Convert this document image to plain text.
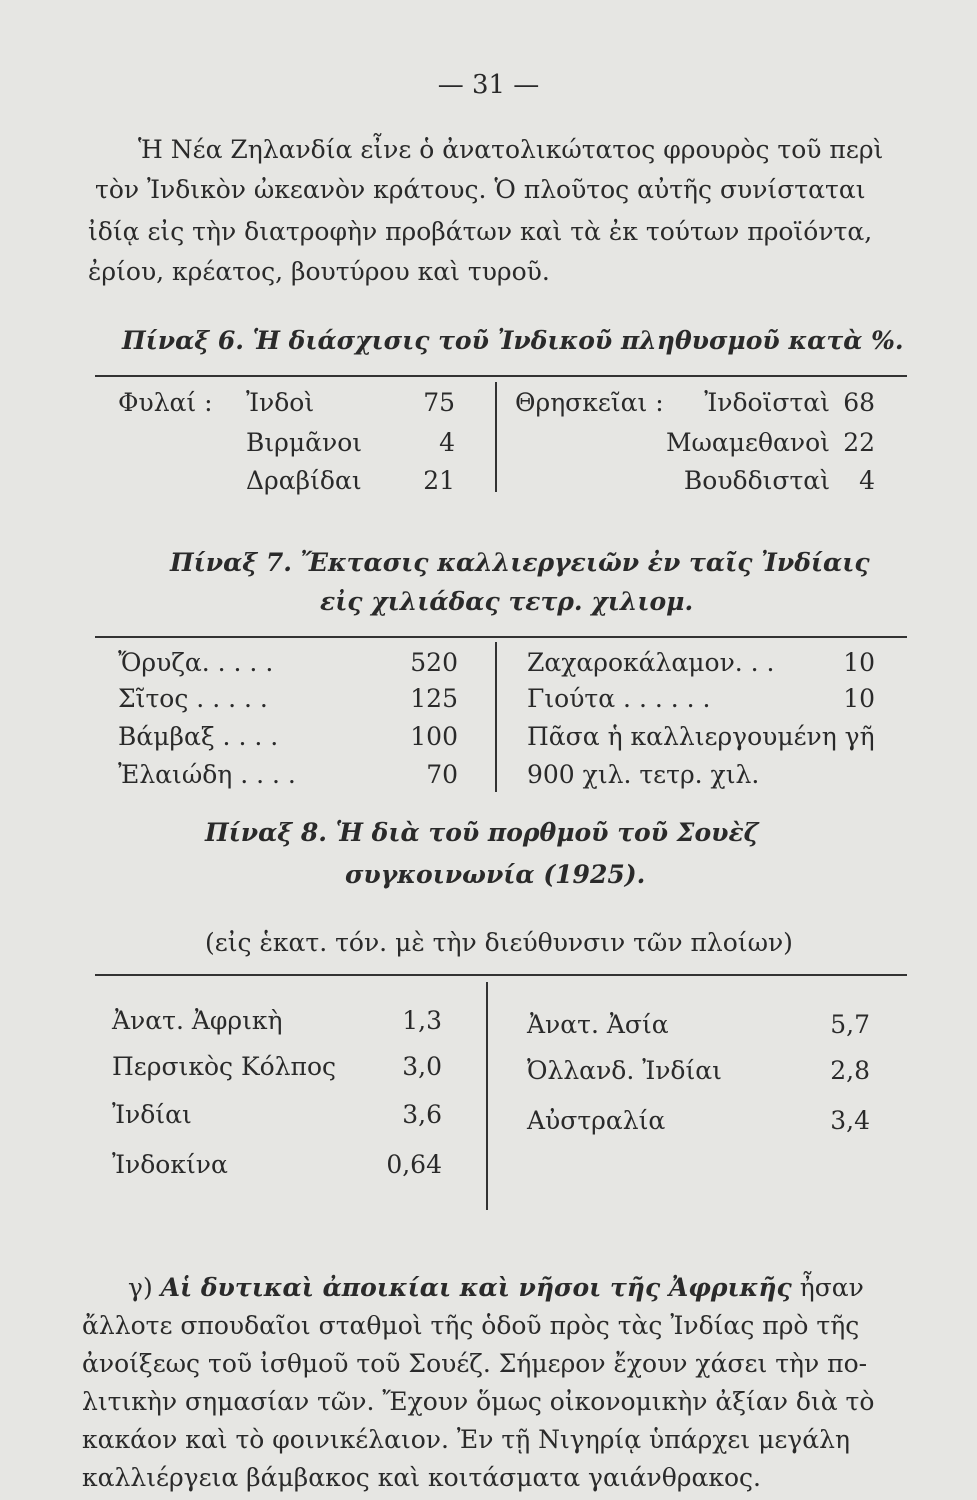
— 31 —
Ἡ Νέα Ζηλανδία εἶνε ὁ ἀνατολικώτατος φρουρὸς τοῦ περὶ
τὸν Ἰνδικὸν ὠκεανὸν κράτους. Ὁ πλοῦτος αὐτῆς συνίσταται
ἰδίᾳ εἰς τὴν διατροφὴν προβάτων καὶ τὰ ἐκ τούτων προϊόντα,
ἐρίου, κρέατος, βουτύρου καὶ τυροῦ.
Πίναξ 6. Ἡ διάσχισις τοῦ Ἰνδικοῦ πληθυσμοῦ κατὰ %.
Φυλαί : Ἰνδοὶ	75
Βιρμᾶνοι	4
Δραβίδαι	21
Θρησκεῖαι :	Ἰνδοϊσταὶ 68
Μωαμεθανοὶ 22
Βουδδισταὶ	4
Πίναξ 7. Ἔκτασις καλλιεργειῶν ἐν ταῖς Ἰνδίαις
εἰς χιλιάδας τετρ. χιλιομ.
Ὄρυζα. . . . .	520
Σῖτος . . . . .	125
Βάμβαξ . . . .	100
Ἐλαιώδη . . . .	70
Ζαχαροκάλαμον. . .	10
Γιούτα . . . . . .	10
Πᾶσα ἡ καλλιεργουμένη γῆ
900 χιλ. τετρ. χιλ.
Πίναξ 8. Ἡ διὰ τοῦ πορθμοῦ τοῦ Σουὲζ
συγκοινωνία (1925).
(εἰς ἑκατ. τόν. μὲ τὴν διεύθυνσιν τῶν πλοίων)
Ἀνατ. Ἀφρικὴ	1,3
Περσικὸς Κόλπος	3,0
Ἰνδίαι	3,6
Ἰνδοκίνα	0,64
Ἀνατ. Ἀσία	5,7
Ὀλλανδ. Ἰνδίαι	2,8
Αὐστραλία	3,4
γ) Αἱ δυτικαὶ ἀποικίαι καὶ νῆσοι τῆς Ἀφρικῆς ἦσαν
ἄλλοτε σπουδαῖοι σταθμοὶ τῆς ὁδοῦ πρὸς τὰς Ἰνδίας πρὸ τῆς
ἀνοίξεως τοῦ ἰσθμοῦ τοῦ Σουέζ. Σήμερον ἔχουν χάσει τὴν πο-
λιτικὴν σημασίαν τῶν. Ἔχουν ὅμως οἰκονομικὴν ἀξίαν διὰ τὸ
κακάον καὶ τὸ φοινικέλαιον. Ἐν τῇ Νιγηρίᾳ ὑπάρχει μεγάλη
καλλιέργεια βάμβακος καὶ κοιτάσματα γαιάνθρακος.
